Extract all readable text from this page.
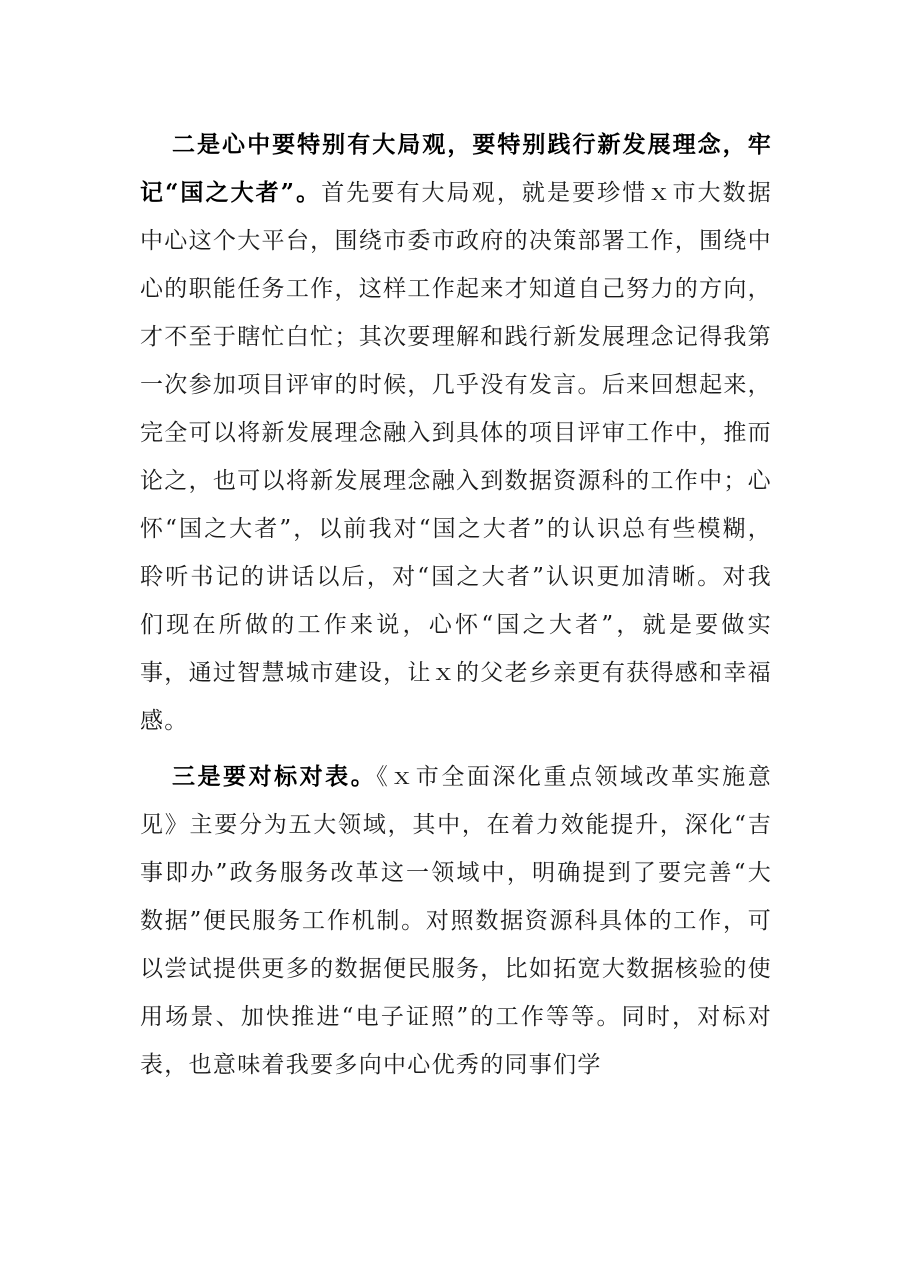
二是心中要特别有大局观，要特别践行新发展理念，牢记“国之大者”。首先要有大局观，就是要珍惜ｘ市大数据中心这个大平台，围绕市委市政府的决策部署工作，围绕中心的职能任务工作，这样工作起来才知道自己努力的方向，才不至于瞎忙白忙；其次要理解和践行新发展理念记得我第一次参加项目评审的时候，几乎没有发言。后来回想起来，完全可以将新发展理念融入到具体的项目评审工作中，推而论之，也可以将新发展理念融入到数据资源科的工作中；心怀“国之大者”，以前我对“国之大者”的认识总有些模糊，聆听书记的讲话以后，对“国之大者”认识更加清晰。对我们现在所做的工作来说，心怀“国之大者”，就是要做实事，通过智慧城市建设，让ｘ的父老乡亲更有获得感和幸福感。

三是要对标对表。《ｘ市全面深化重点领域改革实施意见》主要分为五大领域，其中，在着力效能提升，深化“吉事即办”政务服务改革这一领域中，明确提到了要完善“大数据”便民服务工作机制。对照数据资源科具体的工作，可以尝试提供更多的数据便民服务，比如拓宽大数据核验的使用场景、加快推进“电子证照”的工作等等。同时，对标对表，也意味着我要多向中心优秀的同事们学
